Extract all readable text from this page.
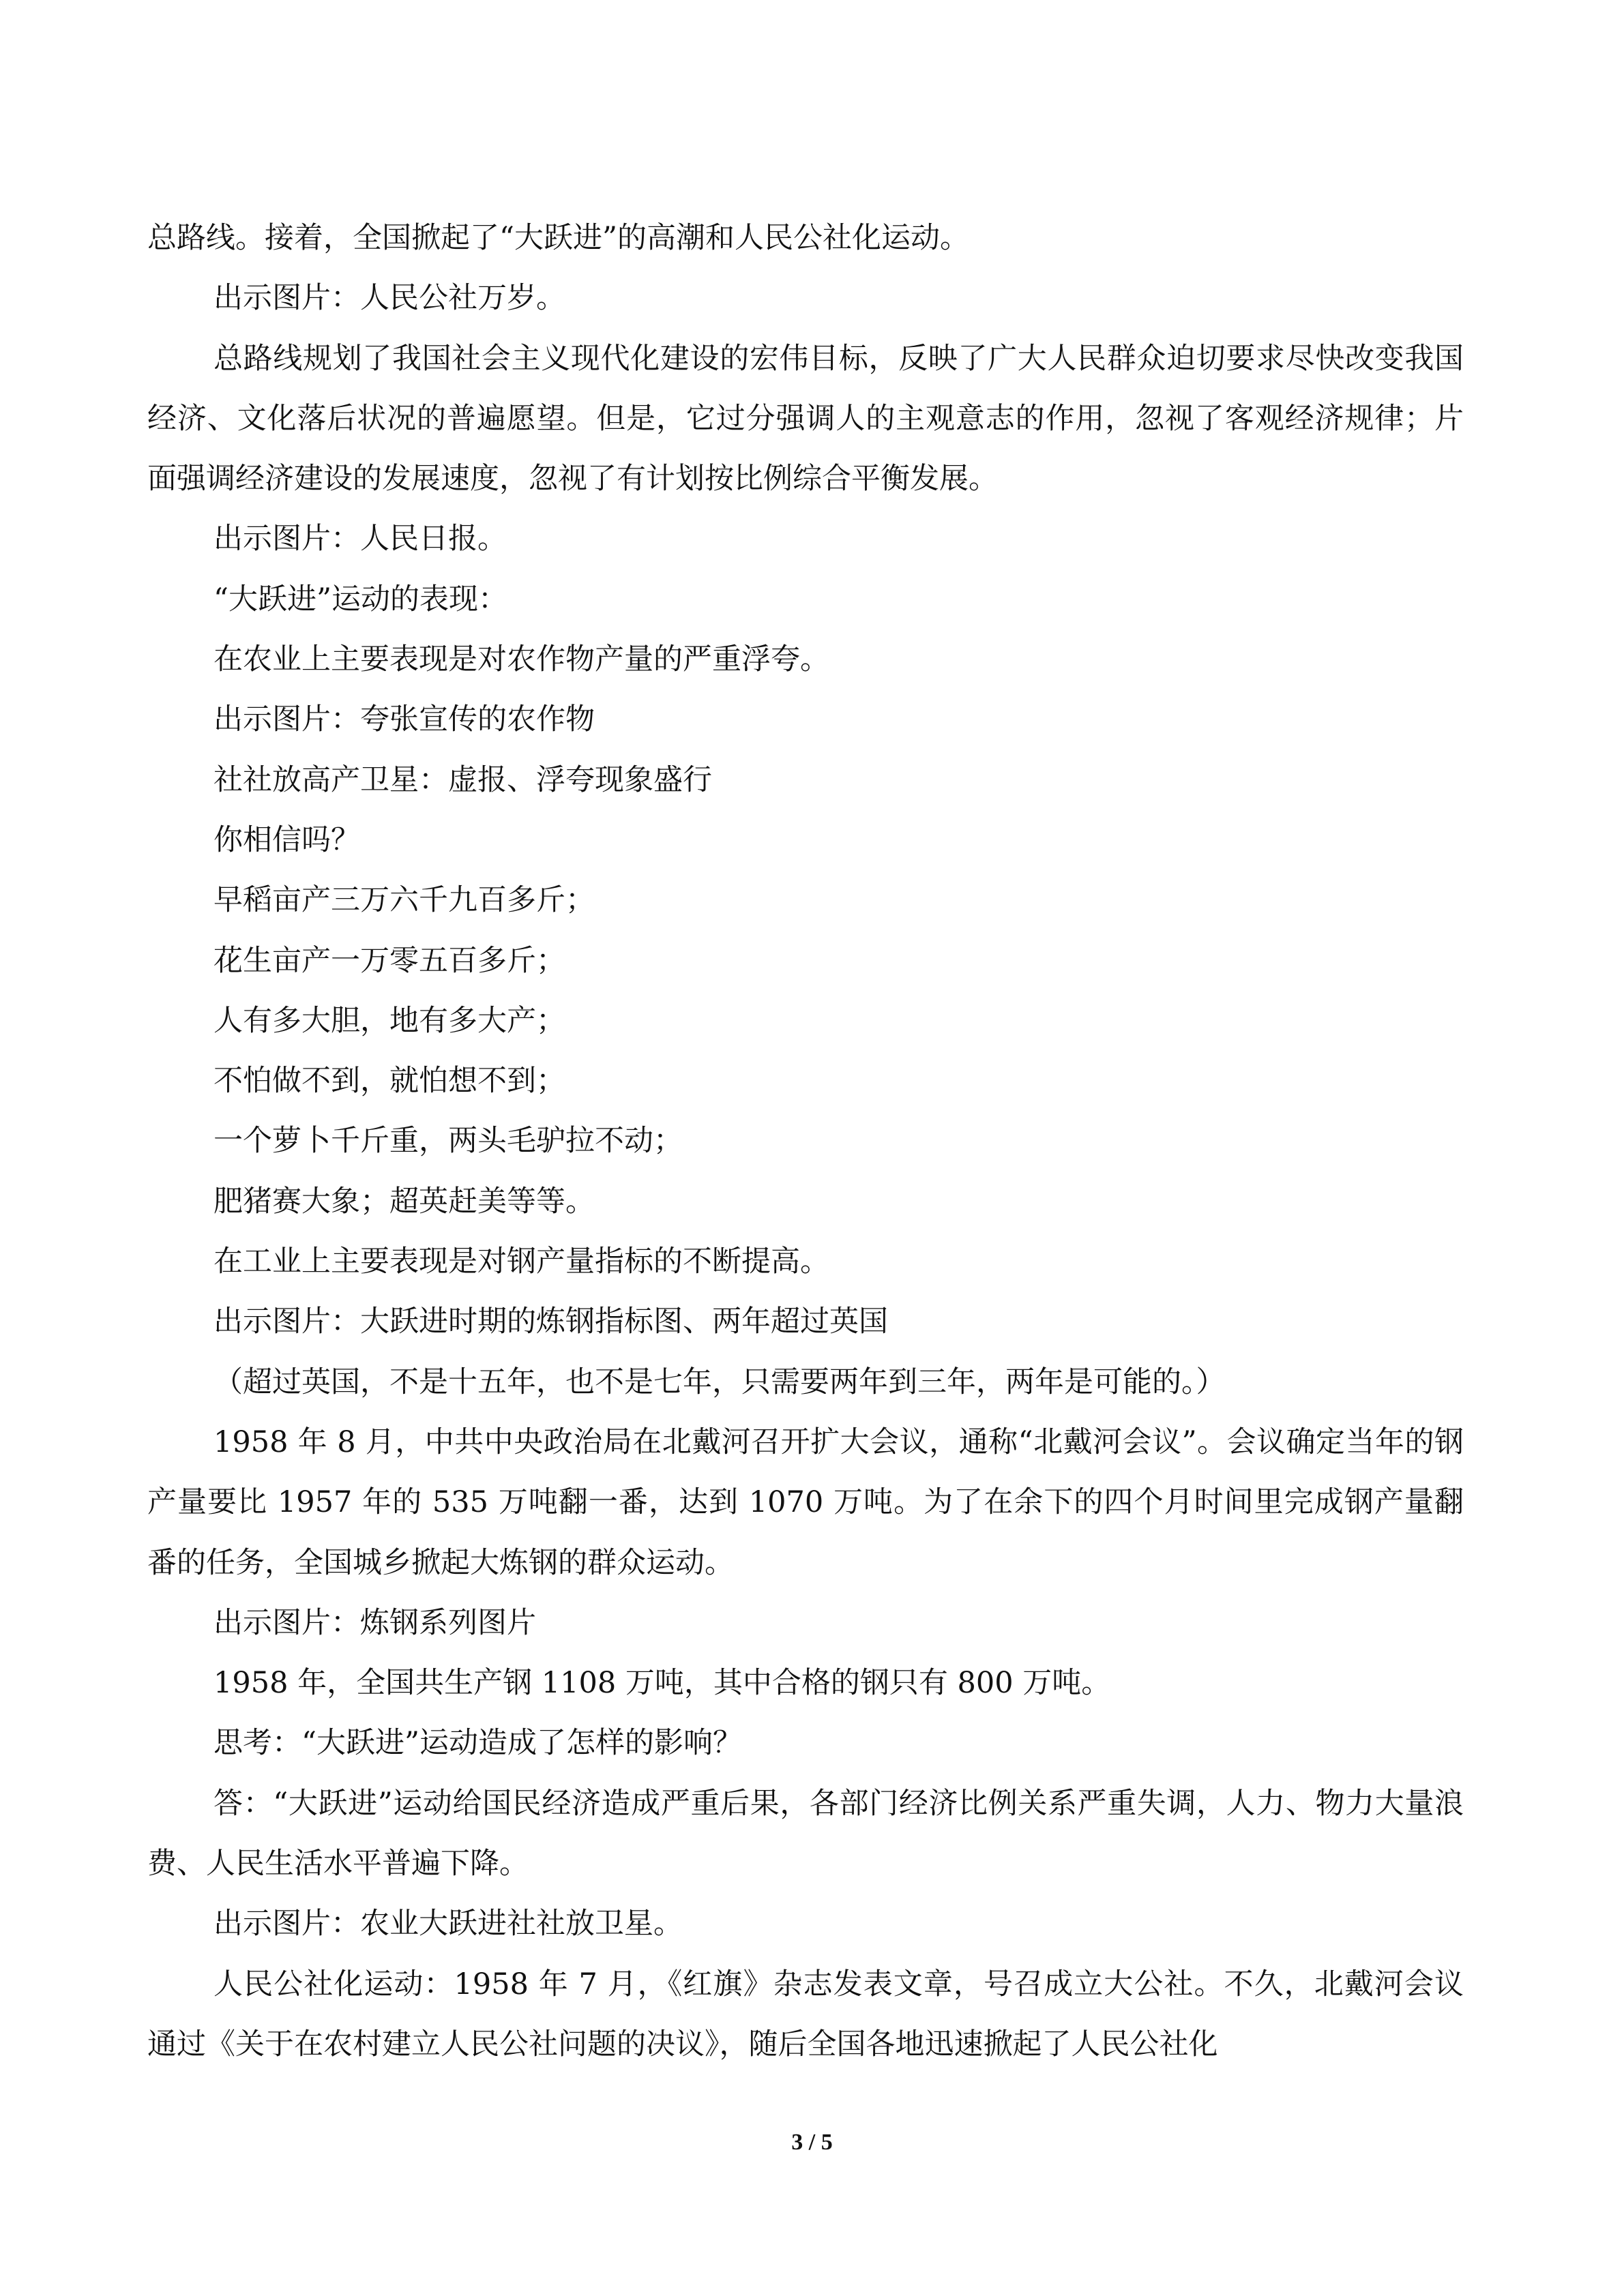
总路线。接着，全国掀起了“大跃进”的高潮和人民公社化运动。

出示图片：人民公社万岁。

总路线规划了我国社会主义现代化建设的宏伟目标，反映了广大人民群众迫切要求尽快改变我国经济、文化落后状况的普遍愿望。但是，它过分强调人的主观意志的作用，忽视了客观经济规律；片面强调经济建设的发展速度，忽视了有计划按比例综合平衡发展。

出示图片：人民日报。

“大跃进”运动的表现：

在农业上主要表现是对农作物产量的严重浮夸。

出示图片：夸张宣传的农作物

社社放高产卫星：虚报、浮夸现象盛行

你相信吗？

早稻亩产三万六千九百多斤；

花生亩产一万零五百多斤；

人有多大胆，地有多大产；

不怕做不到，就怕想不到；

一个萝卜千斤重，两头毛驴拉不动；

肥猪赛大象；超英赶美等等。

在工业上主要表现是对钢产量指标的不断提高。

出示图片：大跃进时期的炼钢指标图、两年超过英国

（超过英国，不是十五年，也不是七年，只需要两年到三年，两年是可能的。）

1958 年 8 月，中共中央政治局在北戴河召开扩大会议，通称“北戴河会议”。会议确定当年的钢产量要比 1957 年的 535 万吨翻一番，达到 1070 万吨。为了在余下的四个月时间里完成钢产量翻番的任务，全国城乡掀起大炼钢的群众运动。

出示图片：炼钢系列图片

1958 年，全国共生产钢 1108 万吨，其中合格的钢只有 800 万吨。

思考：“大跃进”运动造成了怎样的影响？

答：“大跃进”运动给国民经济造成严重后果，各部门经济比例关系严重失调，人力、物力大量浪费、人民生活水平普遍下降。

出示图片：农业大跃进社社放卫星。

人民公社化运动：1958 年 7 月，《红旗》杂志发表文章，号召成立大公社。不久，北戴河会议通过《关于在农村建立人民公社问题的决议》，随后全国各地迅速掀起了人民公社化

3 / 5
